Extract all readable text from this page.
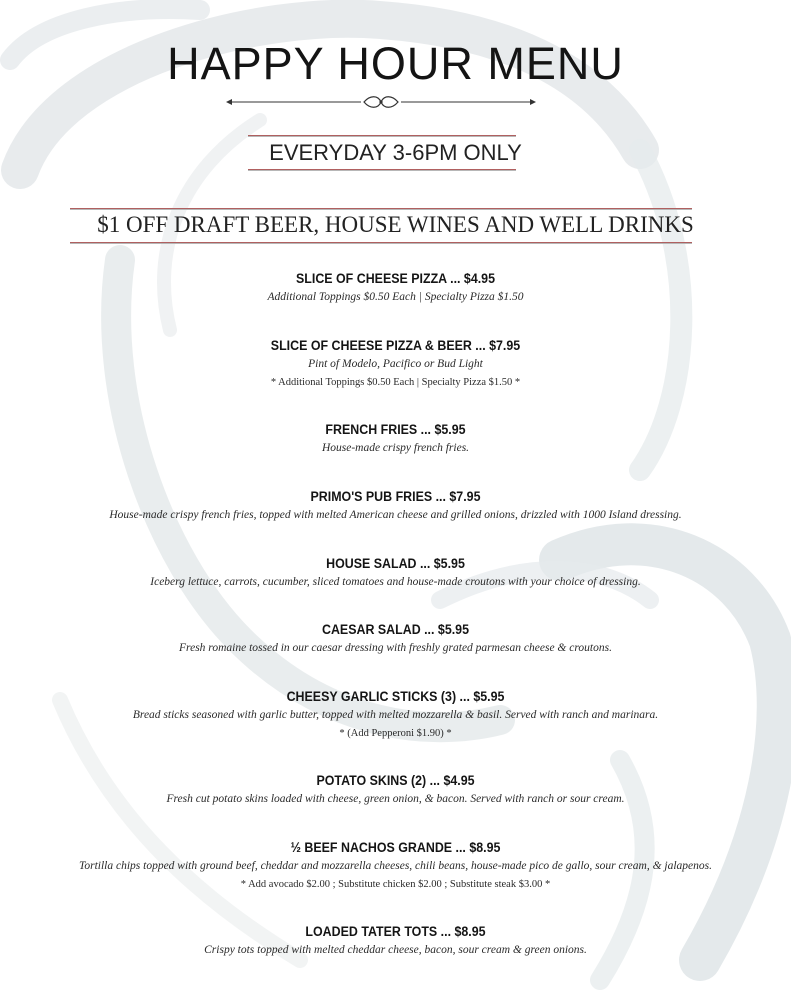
HAPPY HOUR MENU
EVERYDAY 3-6PM ONLY
$1 OFF DRAFT BEER, HOUSE WINES AND WELL DRINKS
SLICE OF CHEESE PIZZA ... $4.95
Additional Toppings $0.50 Each | Specialty Pizza $1.50
SLICE OF CHEESE PIZZA & BEER ... $7.95
Pint of Modelo, Pacifico or Bud Light
* Additional Toppings $0.50 Each | Specialty Pizza $1.50 *
FRENCH FRIES ... $5.95
House-made crispy french fries.
PRIMO'S PUB FRIES ... $7.95
House-made crispy french fries, topped with melted American cheese and grilled onions, drizzled with 1000 Island dressing.
HOUSE SALAD ... $5.95
Iceberg lettuce, carrots, cucumber, sliced tomatoes and house-made croutons with your choice of dressing.
CAESAR SALAD ... $5.95
Fresh romaine tossed in our caesar dressing with freshly grated parmesan cheese & croutons.
CHEESY GARLIC STICKS (3) ... $5.95
Bread sticks seasoned with garlic butter, topped with melted mozzarella & basil. Served with ranch and marinara.
* (Add Pepperoni $1.90) *
POTATO SKINS (2) ... $4.95
Fresh cut potato skins loaded with cheese, green onion, & bacon. Served with ranch or sour cream.
½ BEEF NACHOS GRANDE ... $8.95
Tortilla chips topped with ground beef, cheddar and mozzarella cheeses, chili beans, house-made pico de gallo, sour cream, & jalapenos.
* Add avocado $2.00 ; Substitute chicken $2.00 ; Substitute steak $3.00 *
LOADED TATER TOTS ... $8.95
Crispy tots topped with melted cheddar cheese, bacon, sour cream & green onions.
